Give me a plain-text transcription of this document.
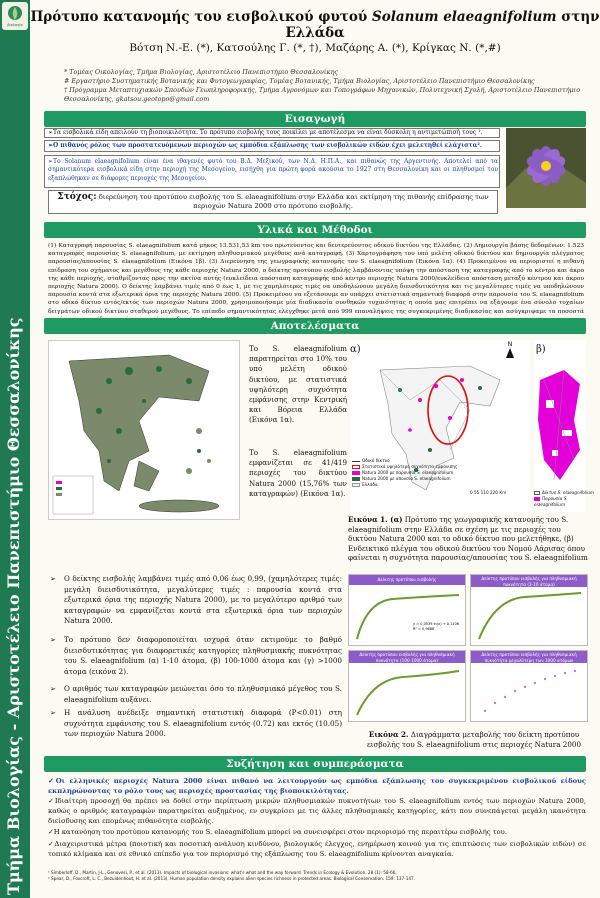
βιολογία
Τμήμα Βιολογίας - Αριστοτέλειο Πανεπιστήμιο Θεσσαλονίκης
Πρότυπο κατανομής του εισβολικού φυτού Solanum elaeagnifolium στην Ελλάδα
Βότση Ν.-Ε. (*), Κατσούλης Γ. (*, †), Μαζάρης Α. (*), Κρίγκας Ν. (*,#)
* Τομέας Οικολογίας, Τμήμα Βιολογίας, Αριστοτέλειο Πανεπιστήμιο Θεσσαλονίκης
# Εργαστήριο Συστηματικής Βοτανικής και Φυτογεωγραφίας, Τομέας Βοτανικής, Τμήμα Βιολογίας, Αριστοτέλειο Πανεπιστήμιο Θεσσαλονίκης
† Πρόγραμμα Μεταπτυχιακών Σπουδών Γεωπληροφορικής, Τμήμα Αγρονόμων και Τοπογράφων Μηχανικών, Πολυτεχνική Σχολή, Αριστοτέλειο Πανεπιστήμιο Θεσσαλονίκης, gkatsou.geotopo@gmail.com
Εισαγωγή
➢Τα εισβολικά είδη απειλούν τη βιοποικιλότητα. Το πρότυπο εισβολής τους ποικίλει με αποτέλεσμα να είναι δύσκολη η αντιμετώπισή τους ¹.
➢Ο πιθανός ρόλος των προστατευόμενων περιοχών ως εμπόδια εξάπλωσης των εισβολικών ειδών έχει μελετηθεί ελάχιστα².
➢Το Solanum elaeagnifolium είναι ένα ιθαγενές φυτό του Β.Δ. Μεξικού, των Ν.Δ. Η.Π.Α., και πιθανώς της Αργεντινής. Αποτελεί από τα σημαντικότερα εισβολικά είδη στην περιοχή της Μεσογείου, εισήχθη για πρώτη φορά ακούσια το 1927 στη Θεσσαλονίκη και οι πληθυσμοί του εξαπλώθηκαν σε διάφορες περιοχές της Μεσογείου.
Στόχος: διερεύνηση του προτύπου εισβολής του S. elaeagnifolium στην Ελλάδα και εκτίμηση της πιθανής επίδρασης των περιοχών Natura 2000 στο πρότυπο εισβολής.
Υλικά και Μέθοδοι
(1) Καταγραφή παρουσίας S. elaeagnifolium κατά μήκος 13.531,53 km του πρωτεύοντος και δευτερεύοντος οδικού δικτύου της Ελλάδας. (2) Δημιουργία βάσης δεδομένων: 1.523 καταγραφές παρουσίας S. elaeagnifolium, με εκτίμηση πληθυσμιακού μεγέθους ανά καταγραφή. (3) Χαρτογράφηση του υπό μελέτη οδικού δικτύου και δημιουργία πλέγματος παρουσίας/απουσίας S. elaeagnifolium (Εικόνα 1β). (3) Διερεύνηση της γεωγραφικής κατανομής του S. elaeagnifolium (Εικόνα 1α). (4) Προκειμένου να περιοριστεί η πιθανή επίδραση του σχήματος και μεγέθους της κάθε περιοχής Natura 2000, ο δείκτης προτύπου εισβολής λαμβάνοντας υπόψη την απόσταση της καταγραφής από το κέντρο και άκρο της κάθε περιοχής, σταθμίζοντας προς την ακτίνα αυτής (ευκλείδεια απόσταση καταγραφής από κέντρο περιοχής Natura 2000/ευκλείδεια απόσταση μεταξύ κέντρου και άκρου περιοχής Natura 2000). Ο δείκτης λαμβάνει τιμές από 0 έως 1, με τις χαμηλότερες τιμές να υποδηλώνουν μεγάλη διεισδυτικότητα και τις μεγαλύτερες τιμές να υποδηλώνουν παρουσία κοντά στα εξωτερικά όρια της περιοχής Natura 2000. (5) Προκειμένου να εξετάσουμε αν υπάρχει στατιστικά σημαντική διαφορά στην παρουσία του S. elaeagnifolium στο οδικό δίκτυο εντός/εκτός των περιοχών Natura 2000, χρησιμοποιήσαμε μία διαδικασία συνθηκών τυχαιότητας η οποία μας επιτρέπει να εξάγουμε ένα σύνολο τυχαίων δειγμάτων οδικού δικτύου σταθερού μεγέθους. Το επίπεδο σημαντικότητας ελέγχθηκε μετά από 999 επαναλήψεις της συγκεκριμένης διαδικασίας και ασύγκριψαμε τα ποσοστά
Αποτελέσματα
Το S. elaeagnifolium παρατηρείται στο 10% του υπό μελέτη οδικού δικτύου, με στατιστικά υψηλότερη συχνότητα εμφάνισης στην Κεντρική και Βόρεια Ελλάδα (Εικόνα 1α).
Το S. elaeagnifolium εμφανίζεται σε 41/419 περιοχές του δικτύου Natura 2000 (15,76% των καταγραφών) (Εικόνα 1α).
α)	N
Οδικό δίκτυο
Στατιστικά υψηλότερη συχνότητα εμφάνισης
Natura 2000 με παρουσία S. elaeagnifolium
Natura 2000 με απουσία S. elaeagnifolium
Ελλάδα
0 55 110 220 Km
β)
Δίκτυο S. elaeagnifolium
Παρουσία S. elaeagnifolium
Εικόνα 1. (α) Πρότυπο της γεωγραφικής κατανομής του S. elaeagnifolium στην Ελλάδα σε σχέση με τις περιοχές του δικτύου Natura 2000 και το οδικό δίκτυο που μελετήθηκε, (β) Ενδεικτικό πλέγμα του οδικού δικτύου του Νομού Λάρισας όπου φαίνεται η συχνότητα παρουσίας/απουσίας του S. elaeagnifolium
➢ Ο δείκτης εισβολής λαμβάνει τιμές από 0,06 έως 0,99, (χαμηλότερες τιμές: μεγάλη διεισδυτικότητα, μεγαλύτερες τιμές : παρουσία κοντά στα εξωτερικά όρια της περιοχής Natura 2000), με το μεγαλύτερο αριθμό των καταγραφών να εμφανίζεται κοντά στα εξωτερικά όρια των περιοχών Natura 2000.
➢ Το πρότυπο δεν διαφοροποιείται ισχυρά όταν εκτιμούμε το βαθμό διεισδυτικότητας για διαφορετικές κατηγορίες πληθυσμιακής πυκνότητας του S. elaeagnifolium (α) 1-10 άτομα, (β) 100-1000 άτομα και (γ) >1000 άτομα (εικόνα 2).
➢ Ο αριθμός των καταγραφών μειώνεται όσο το πληθυσμιακό μέγεθος του S. elaeagnifolium αυξάνει.
➢ Η ανάλυση ανέδειξε σημαντική στατιστική διαφορά (P<0.01) στη συχνότητα εμφάνισης του S. elaeagnifolium εντός (0.72) και εκτός (10.05) των περιοχών Natura 2000.
Δείκτης προτύπου εισβολής
y = 0,0539 ln(x) + 0,1106
R² = 0,9888
Δείκτης προτύπου εισβολής για πληθυσμιακή πυκνότητα (1-10 άτομα)
Δείκτης προτύπου εισβολής για πληθυσμιακή πυκνότητα (100-1000 άτομα)
Δείκτης προτύπου εισβολής για πληθυσμιακή πυκνότητα μεγαλύτερη των 1000 ατόμων
Εικόνα 2. Διαγράμματα μεταβολής του δείκτη προτύπου εισβολής του S. elaeagnifolium στις περιοχές Natura 2000
Συζήτηση και συμπεράσματα
✓Οι ελληνικές περιοχές Natura 2000 είναι πιθανό να λειτουργούν ως εμπόδια εξάπλωσης του συγκεκριμένου εισβολικού είδους εκπληρώνοντας το ρόλο τους ως περιοχές προστασίας της βιοποικιλότητας.
✓Ιδιαίτερη προσοχή θα πρέπει να δοθεί στην περίπτωση μικρών πληθυσμιακών πυκνοτήτων του S. elaeagnifolium εντός των περιοχών Natura 2000, καθώς ο αριθμός καταγραφών παρατηρείται αυξημένος, εν συγκρίσει με τις άλλες πληθυσμιακές κατηγορίες, κάτι που συνεπάγεται μεγάλη ικανότητα διείσδυσης και επομένως πιθανότητα εισβολής.
✓Η κατανόηση του προτύπου κατανομής του S. elaeagnifolium μπορεί να συνεισφέρει στον περιορισμό της περαιτέρω εισβολής του.
✓Διαχειριστικά μέτρα (ποιοτική και ποσοτική ανάλυση κινδύνου, βιολογικός έλεγχος, ενημέρωση κοινού για τις επιπτώσεις των εισβολικών ειδών) σε τοπικό κλίμακα και σε εθνικό επίπεδο για τον περιορισμό της εξάπλωσης του S. elaeagnifolium κρίνονται αναγκαία.
¹ Simberloff, D., Martin, J-L., Genovesi, P., et al. (2013). Impacts of biological invasions: what's what and the way forward. Trends in Ecology & Evolution. 28 (1): 58-66.
² Spear, D., Foxcroft, L. C., Bezuidenhout, H. et al. (2013). Human population density explains alien species richness in protected areas. Biological Conservation. 159: 137-147.
